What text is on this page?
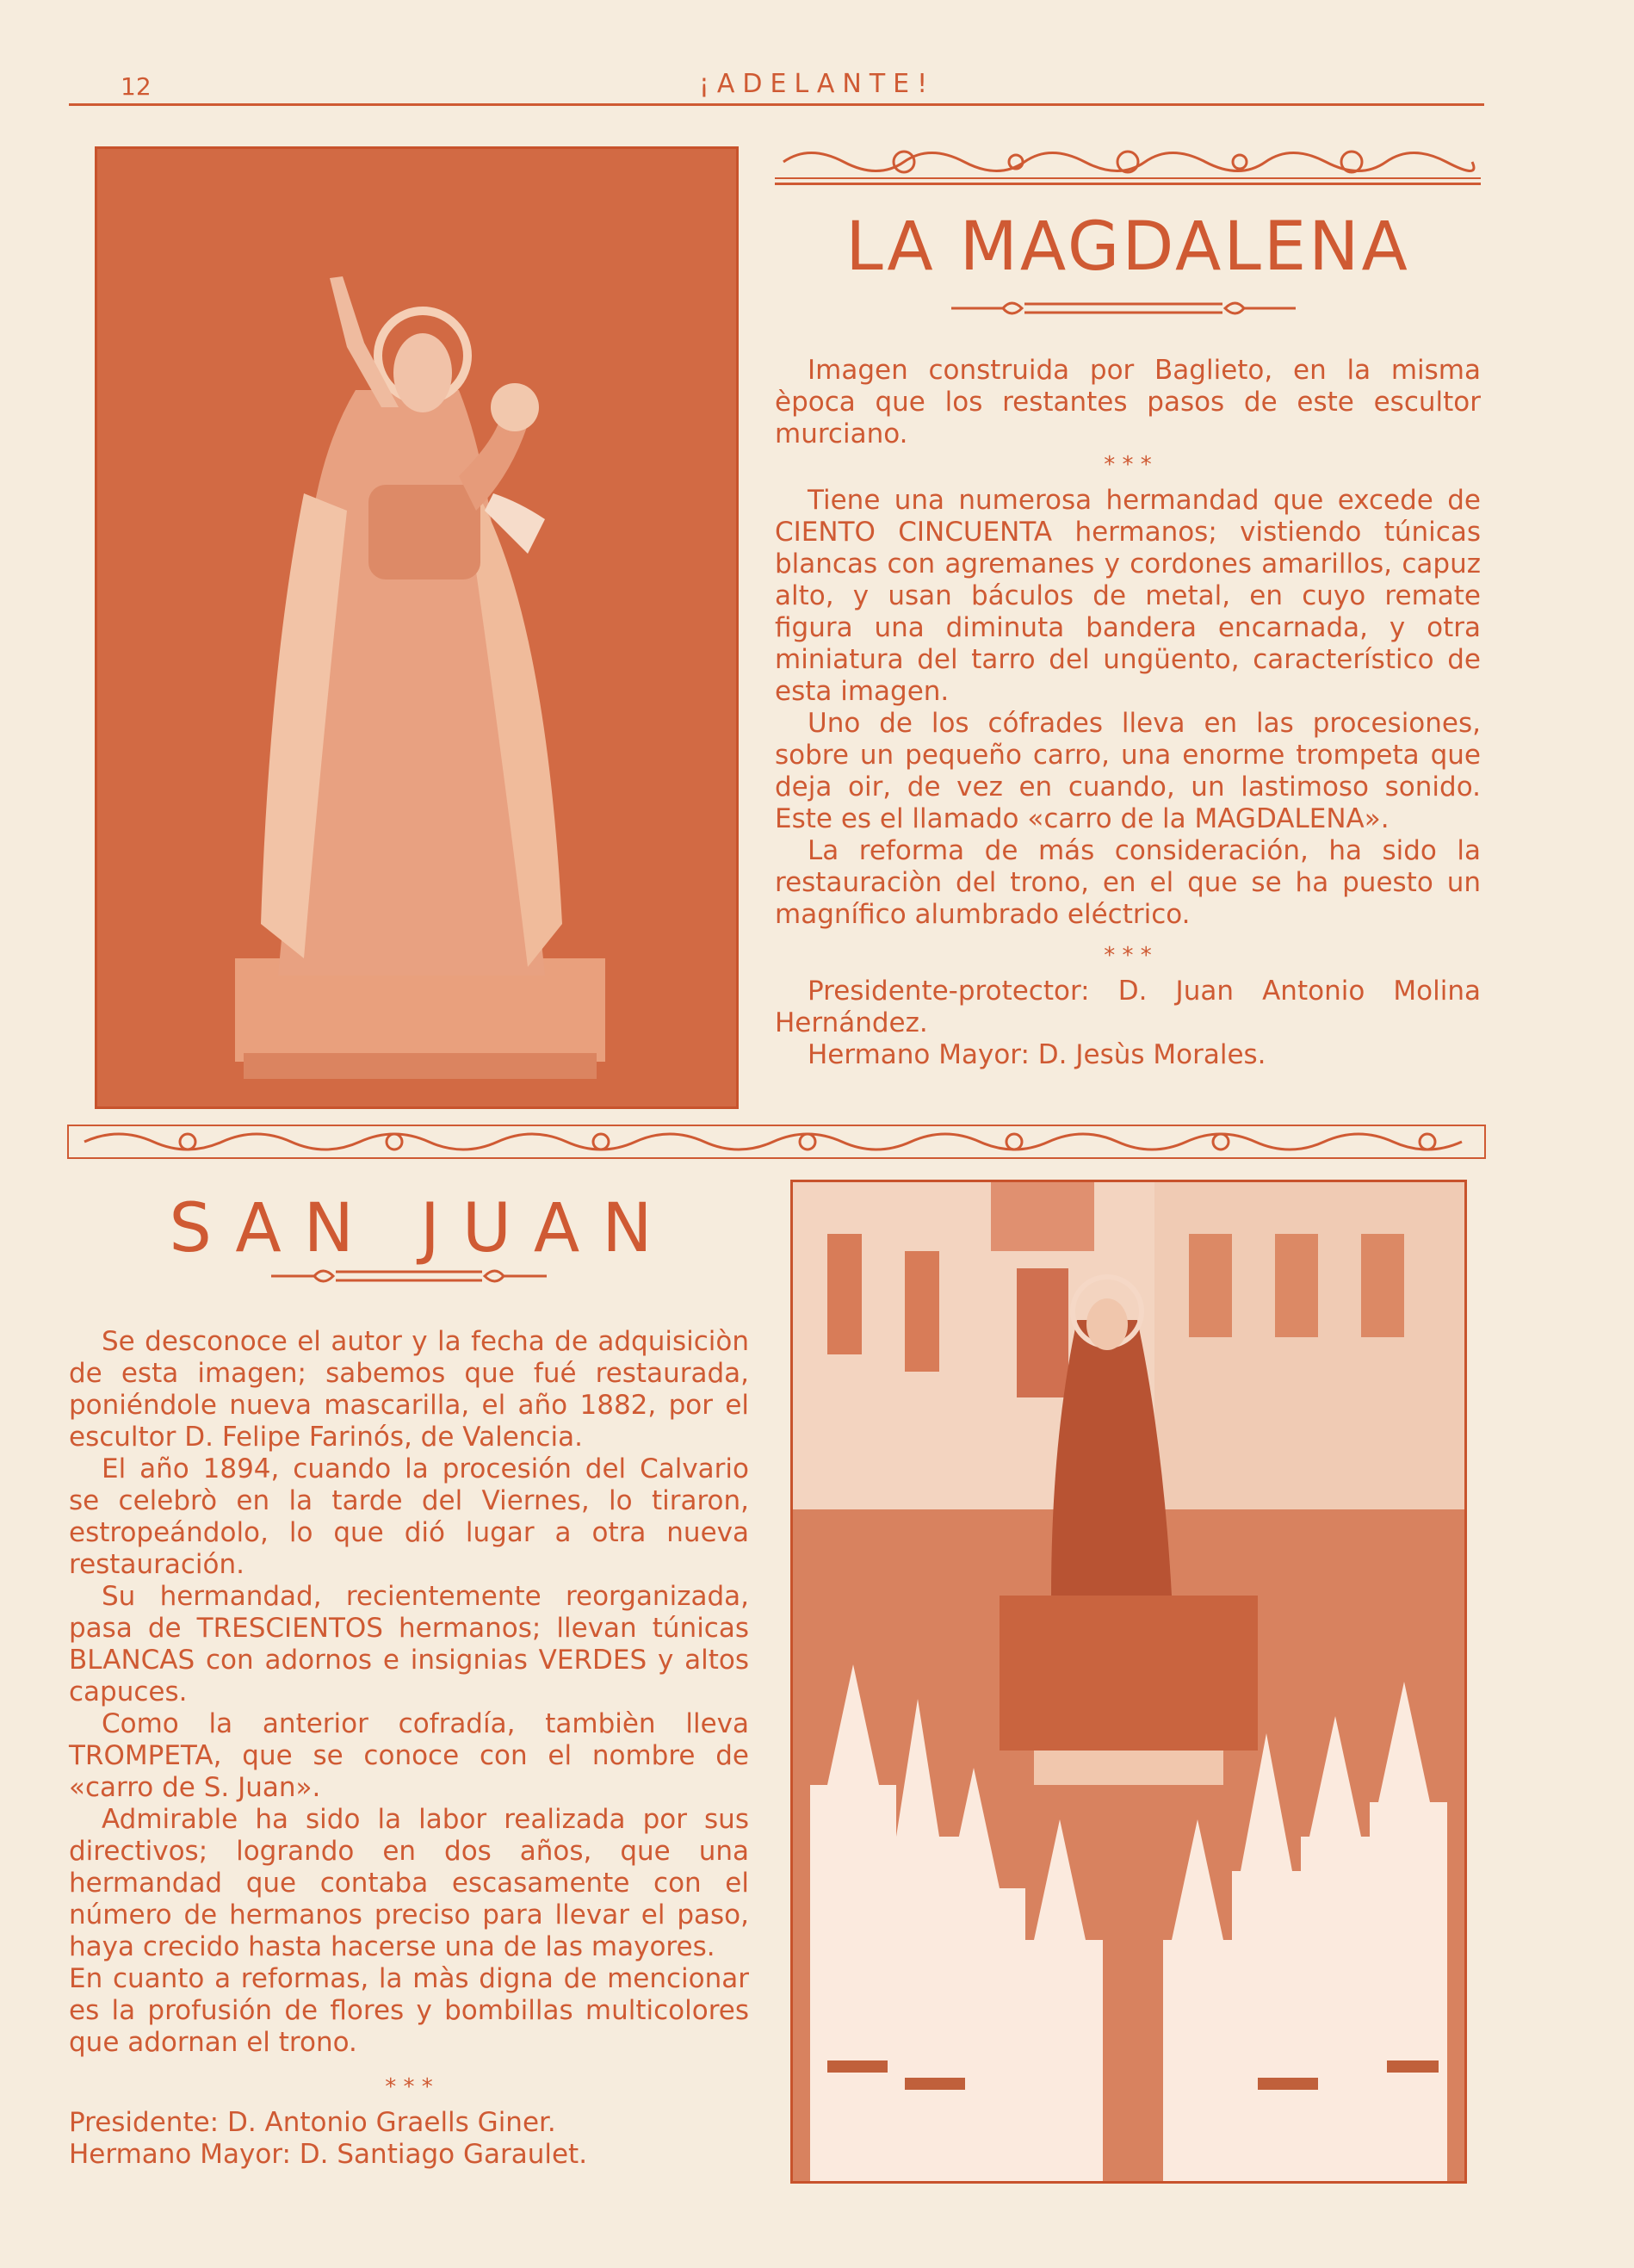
12	¡ADELANTE!
LA MAGDALENA

Imagen construida por Baglieto, en la misma època que los restantes pasos de este escultor murciano.

* * *

Tiene una numerosa hermandad que excede de CIENTO CINCUENTA hermanos; vistiendo túnicas blancas con agremanes y cordones amarillos, capuz alto, y usan báculos de metal, en cuyo remate figura una diminuta bandera encarnada, y otra miniatura del tarro del ungüento, característico de esta imagen.

Uno de los cófrades lleva en las procesiones, sobre un pequeño carro, una enorme trompeta que deja oir, de vez en cuando, un lastimoso sonido. Este es el llamado «carro de la MAGDALENA».

La reforma de más consideración, ha sido la restauraciòn del trono, en el que se ha puesto un magnífico alumbrado eléctrico.

* * *

Presidente-protector: D. Juan Antonio Molina Hernández.

Hermano Mayor: D. Jesùs Morales.

SAN JUAN

Se desconoce el autor y la fecha de adquisiciòn de esta imagen; sabemos que fué restaurada, poniéndole nueva mascarilla, el año 1882, por el escultor D. Felipe Farinós, de Valencia.

El año 1894, cuando la procesión del Calvario se celebrò en la tarde del Viernes, lo tiraron, estropeándolo, lo que dió lugar a otra nueva restauración.

Su hermandad, recientemente reorganizada, pasa de TRESCIENTOS hermanos; llevan túnicas BLANCAS con adornos e insignias VERDES y altos capuces.

Como la anterior cofradía, tambièn lleva TROMPETA, que se conoce con el nombre de «carro de S. Juan».

Admirable ha sido la labor realizada por sus directivos; logrando en dos años, que una hermandad que contaba escasamente con el número de hermanos preciso para llevar el paso, haya crecido hasta hacerse una de las mayores.

En cuanto a reformas, la màs digna de mencionar es la profusión de flores y bombillas multicolores que adornan el trono.

* * *

Presidente: D. Antonio Graells Giner.

Hermano Mayor: D. Santiago Garaulet.
